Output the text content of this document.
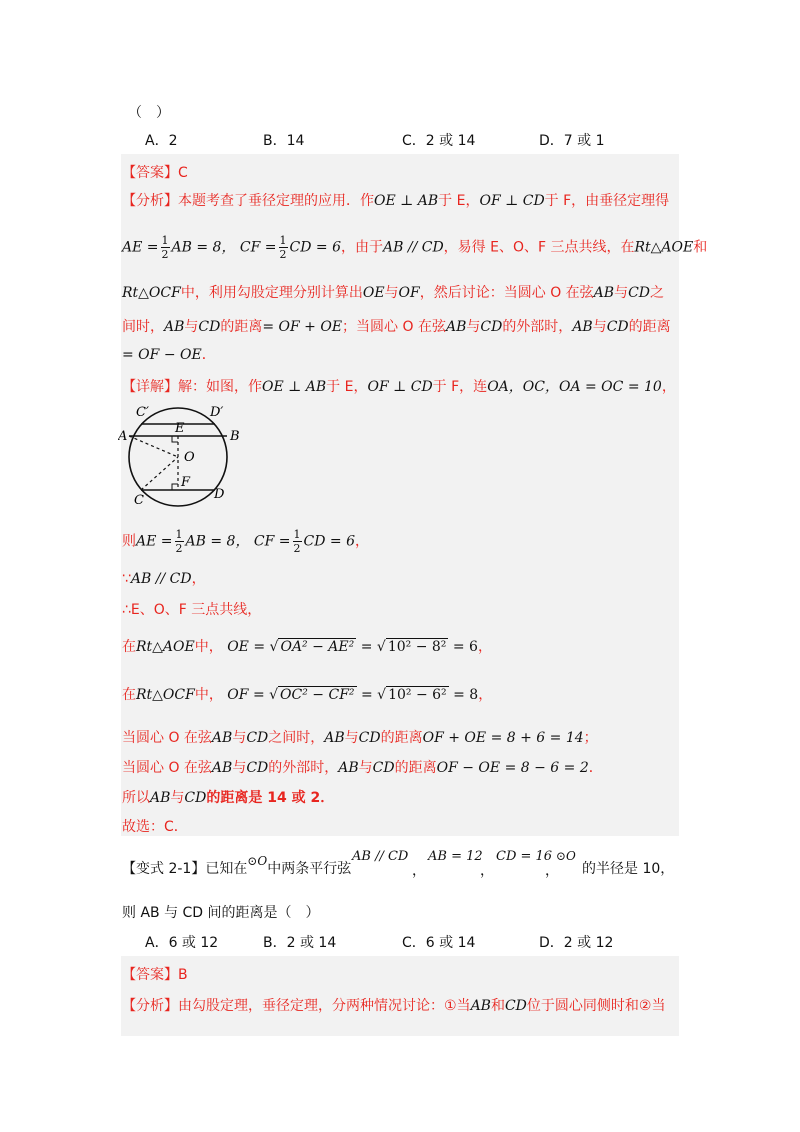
（　）
A．2	B．14	C．2 或 14	D．7 或 1
【答案】C
【分析】本题考查了垂径定理的应用．作OE ⊥ AB于 E，OF ⊥ CD于 F，由垂径定理得
AE = $\frac{1}{2}$ AB = 8， CF = $\frac{1}{2}$ CD = 6，由于AB // CD，易得 E、O、F 三点共线，在Rt△AOE和
Rt△OCF中，利用勾股定理分别计算出OE与OF，然后讨论：当圆心 O 在弦AB与CD之
间时，AB与CD的距离= OF + OE；当圆心 O 在弦AB与CD的外部时，AB与CD的距离
= OF − OE．
【详解】解：如图，作OE ⊥ AB于 E，OF ⊥ CD于 F，连OA，OC，OA = OC = 10，
C′	D′
A	B
E
O
F
C	D
则AE = $\frac{1}{2}$ AB = 8， CF = $\frac{1}{2}$ CD = 6，
∵AB // CD，
∴E、O、F 三点共线，
在Rt△AOE中， OE = √ OA² − AE² = √ 10² − 8² = 6，
在Rt△OCF中， OF = √ OC² − CF² = √ 10² − 6² = 8，
当圆心 O 在弦AB与CD之间时，AB与CD的距离OF + OE = 8 + 6 = 14；
当圆心 O 在弦AB与CD的外部时，AB与CD的距离OF − OE = 8 − 6 = 2．
所以AB与CD的距离是 14 或 2．
故选：C．
【变式 2-1】已知在⊙O中两条平行弦
AB // CD
，
AB = 12
，
CD = 16
，
⊙O
的半径是 10，
则 AB 与 CD 间的距离是（　）
A．6 或 12	B．2 或 14	C．6 或 14	D．2 或 12
【答案】B
【分析】由勾股定理，垂径定理，分两种情况讨论：①当AB和CD位于圆心同侧时和②当
